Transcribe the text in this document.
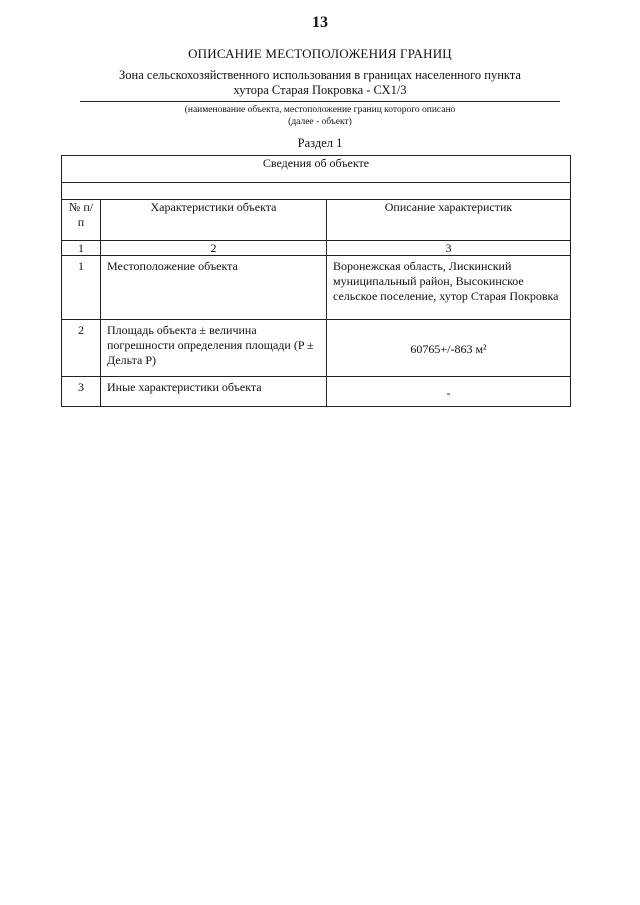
13
ОПИСАНИЕ МЕСТОПОЛОЖЕНИЯ ГРАНИЦ
Зона сельскохозяйственного использования в границах населенного пункта
хутора Старая Покровка - СХ1/3
(наименование объекта, местоположение границ которого описано
(далее - объект)
Раздел 1
Сведения об объекте		

№ п/п	Характеристики объекта	Описание характеристик
1	2	3
1	Местоположение объекта	Воронежская область, Лискинский муниципальный район, Высокинское сельское поселение, хутор Старая Покровка
2	Площадь объекта ± величина погрешности определения площади (P ± Дельта P)	60765+/-863 м²
3	Иные характеристики объекта	-
